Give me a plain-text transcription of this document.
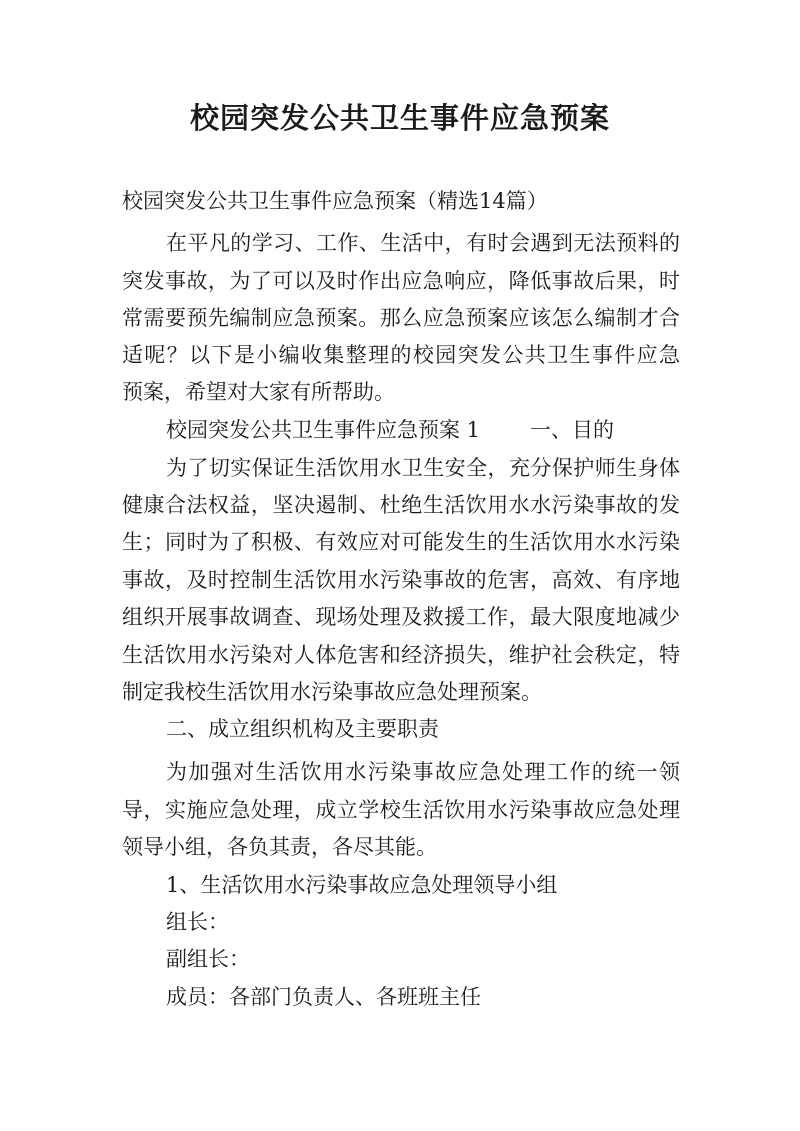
校园突发公共卫生事件应急预案
校园突发公共卫生事件应急预案（精选14篇）
在平凡的学习、工作、生活中，有时会遇到无法预料的
突发事故，为了可以及时作出应急响应，降低事故后果，时
常需要预先编制应急预案。那么应急预案应该怎么编制才合
适呢？以下是小编收集整理的校园突发公共卫生事件应急
预案，希望对大家有所帮助。
校园突发公共卫生事件应急预案 1 一、目的
为了切实保证生活饮用水卫生安全，充分保护师生身体
健康合法权益，坚决遏制、杜绝生活饮用水水污染事故的发
生；同时为了积极、有效应对可能发生的生活饮用水水污染
事故，及时控制生活饮用水污染事故的危害，高效、有序地
组织开展事故调查、现场处理及救援工作，最大限度地减少
生活饮用水污染对人体危害和经济损失，维护社会秩定，特
制定我校生活饮用水污染事故应急处理预案。
二、成立组织机构及主要职责
为加强对生活饮用水污染事故应急处理工作的统一领
导，实施应急处理，成立学校生活饮用水污染事故应急处理
领导小组，各负其责，各尽其能。
1、生活饮用水污染事故应急处理领导小组
组长：
副组长：
成员：各部门负责人、各班班主任
